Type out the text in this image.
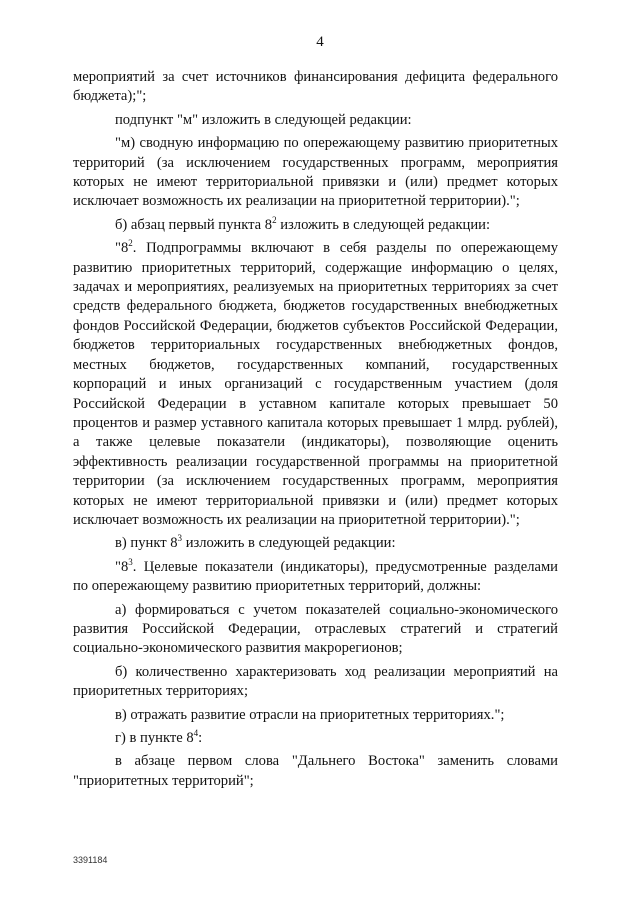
4

мероприятий за счет источников финансирования дефицита федерального бюджета);";

подпункт "м" изложить в следующей редакции:

"м) сводную информацию по опережающему развитию приоритетных территорий (за исключением государственных программ, мероприятия которых не имеют территориальной привязки и (или) предмет которых исключает возможность их реализации на приоритетной территории).";

б) абзац первый пункта $8^2$ изложить в следующей редакции:

"$8^2$. Подпрограммы включают в себя разделы по опережающему развитию приоритетных территорий, содержащие информацию о целях, задачах и мероприятиях, реализуемых на приоритетных территориях за счет средств федерального бюджета, бюджетов государственных внебюджетных фондов Российской Федерации, бюджетов субъектов Российской Федерации, бюджетов территориальных государственных внебюджетных фондов, местных бюджетов, государственных компаний, государственных корпораций и иных организаций с государственным участием (доля Российской Федерации в уставном капитале которых превышает 50 процентов и размер уставного капитала которых превышает 1 млрд. рублей), а также целевые показатели (индикаторы), позволяющие оценить эффективность реализации государственной программы на приоритетной территории (за исключением государственных программ, мероприятия которых не имеют территориальной привязки и (или) предмет которых исключает возможность их реализации на приоритетной территории).";

в) пункт $8^3$ изложить в следующей редакции:

"$8^3$. Целевые показатели (индикаторы), предусмотренные разделами по опережающему развитию приоритетных территорий, должны:

а) формироваться с учетом показателей социально-экономического развития Российской Федерации, отраслевых стратегий и стратегий социально-экономического развития макрорегионов;

б) количественно характеризовать ход реализации мероприятий на приоритетных территориях;

в) отражать развитие отрасли на приоритетных территориях.";

г) в пункте $8^4$:

в абзаце первом слова "Дальнего Востока" заменить словами "приоритетных территорий";

3391184
